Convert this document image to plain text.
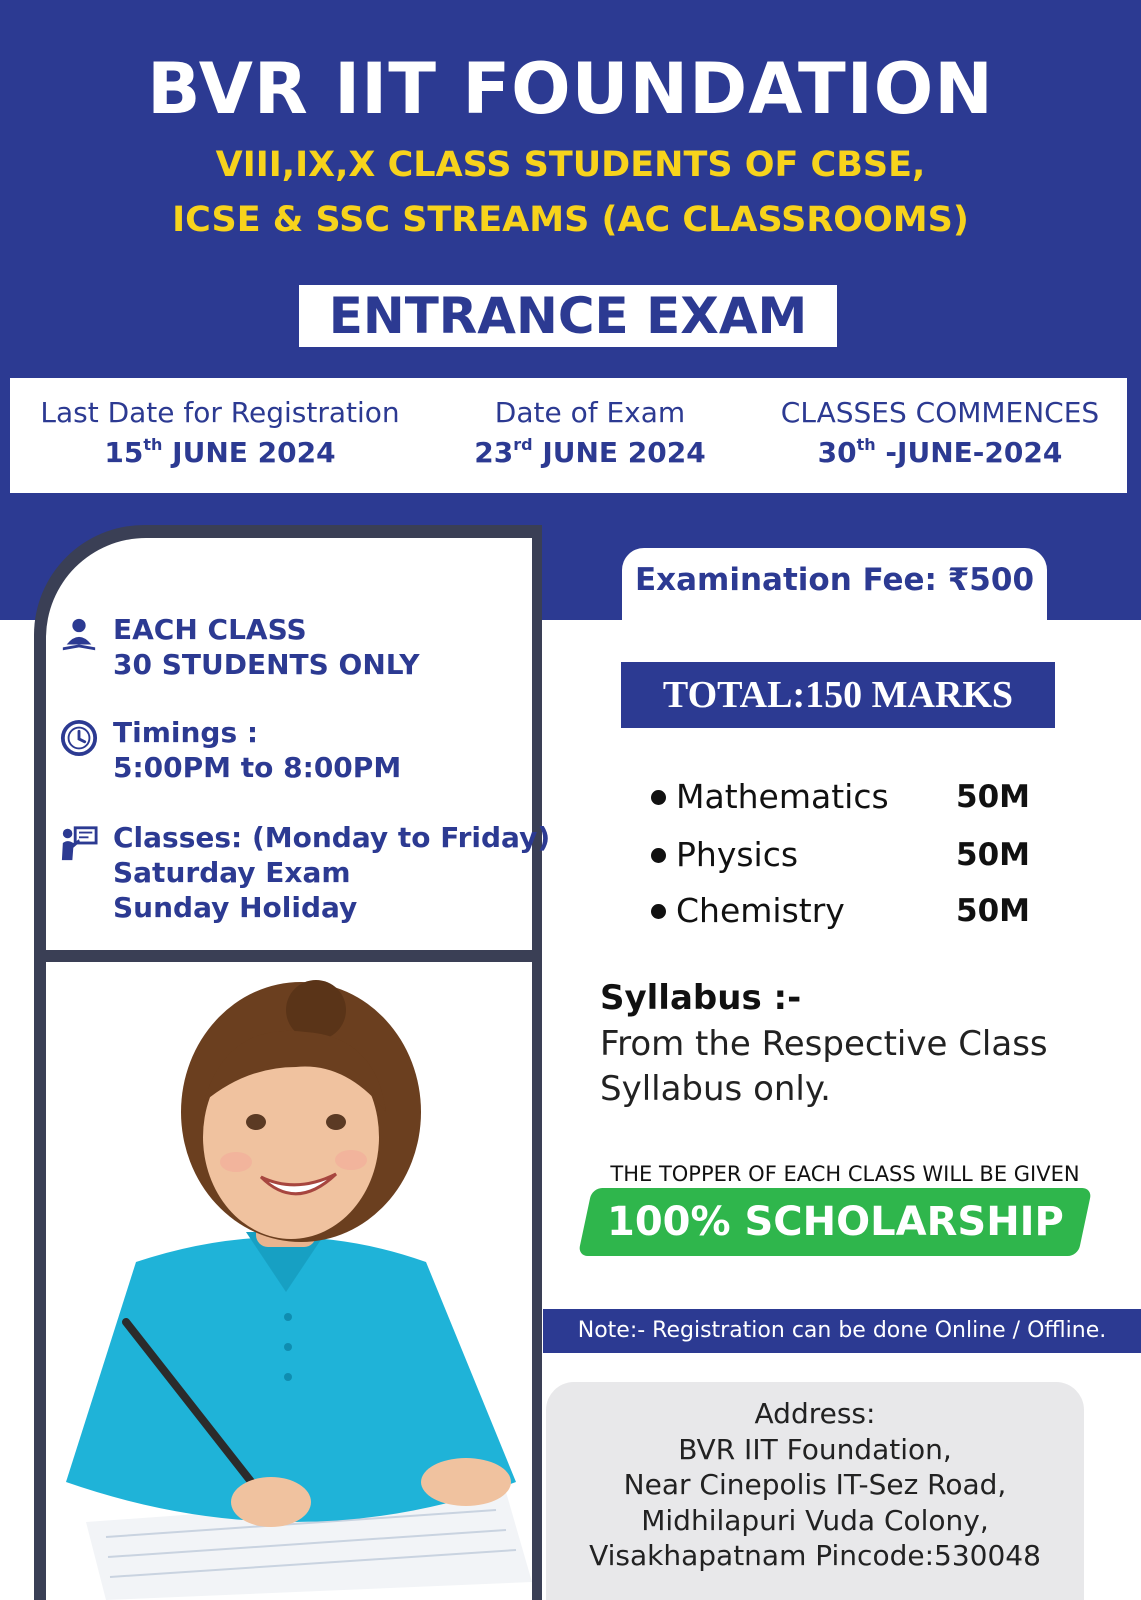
BVR IIT FOUNDATION
VIII,IX,X CLASS STUDENTS OF CBSE,
ICSE & SSC STREAMS (AC CLASSROOMS)
ENTRANCE EXAM
Last Date for Registration
15th JUNE 2024
Date of Exam
23rd JUNE 2024
CLASSES COMMENCES
30th -JUNE-2024
EACH CLASS
30 STUDENTS ONLY
Timings :
5:00PM to 8:00PM
Classes: (Monday to Friday)
Saturday Exam
Sunday Holiday
Examination Fee: ₹500
TOTAL:150 MARKS
Mathematics 50M
Physics	50M
Chemistry	50M
Syllabus :-
From the Respective Class
Syllabus only.
THE TOPPER OF EACH CLASS WILL BE GIVEN
100% SCHOLARSHIP
Note:- Registration can be done Online / Offline.
Address:
BVR IIT Foundation,
Near Cinepolis IT-Sez Road,
Midhilapuri Vuda Colony,
Visakhapatnam Pincode:530048
